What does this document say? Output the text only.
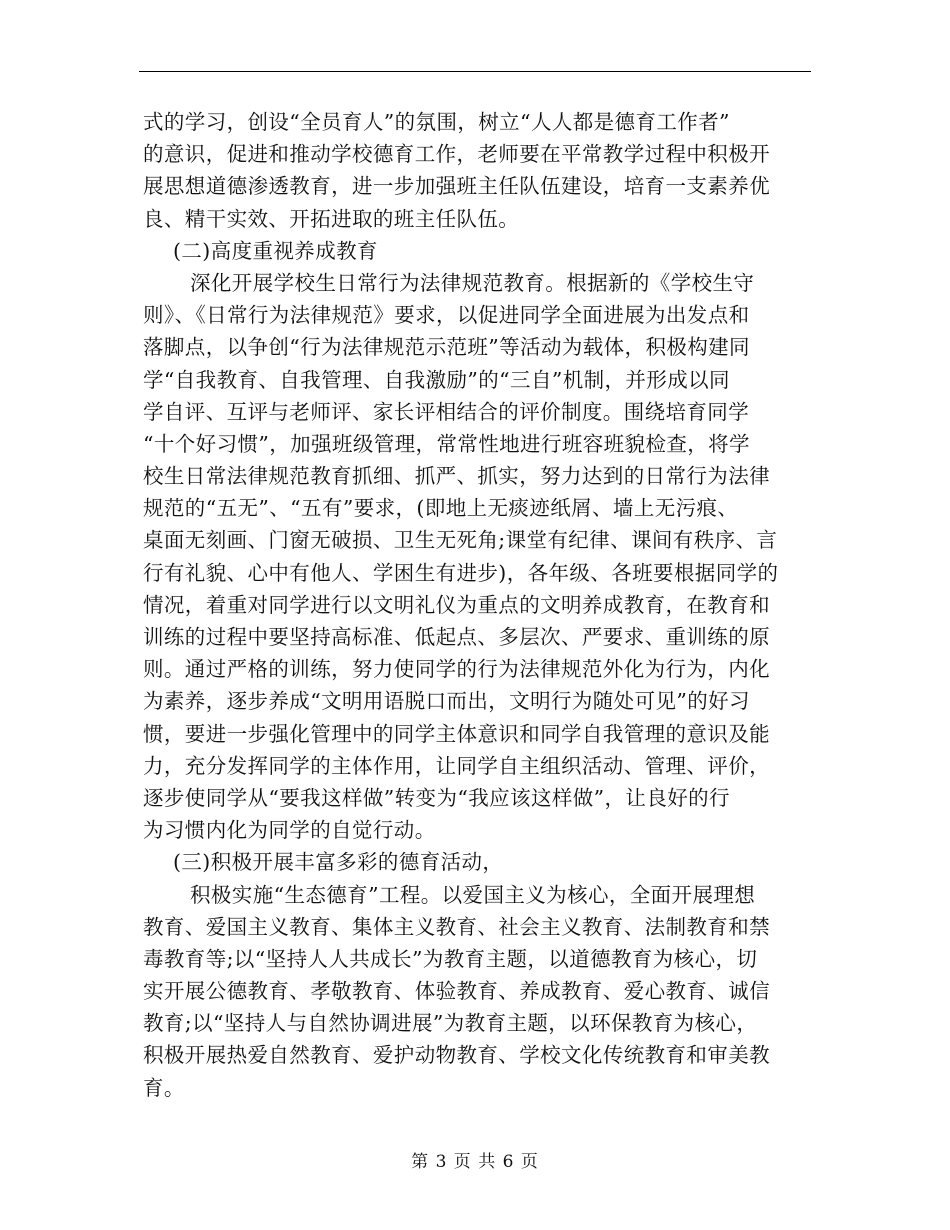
式的学习，创设“全员育人”的氛围，树立“人人都是德育工作者”
的意识，促进和推动学校德育工作，老师要在平常教学过程中积极开
展思想道德渗透教育，进一步加强班主任队伍建设，培育一支素养优
良、精干实效、开拓进取的班主任队伍。
(二)高度重视养成教育
深化开展学校生日常行为法律规范教育。根据新的《学校生守
则》、《日常行为法律规范》要求，以促进同学全面进展为出发点和
落脚点，以争创“行为法律规范示范班”等活动为载体，积极构建同
学“自我教育、自我管理、自我激励”的“三自”机制，并形成以同
学自评、互评与老师评、家长评相结合的评价制度。围绕培育同学
“十个好习惯”，加强班级管理，常常性地进行班容班貌检查，将学
校生日常法律规范教育抓细、抓严、抓实，努力达到的日常行为法律
规范的“五无”、“五有”要求，(即地上无痰迹纸屑、墙上无污痕、
桌面无刻画、门窗无破损、卫生无死角;课堂有纪律、课间有秩序、言
行有礼貌、心中有他人、学困生有进步)，各年级、各班要根据同学的
情况，着重对同学进行以文明礼仪为重点的文明养成教育，在教育和
训练的过程中要坚持高标准、低起点、多层次、严要求、重训练的原
则。通过严格的训练，努力使同学的行为法律规范外化为行为，内化
为素养，逐步养成“文明用语脱口而出，文明行为随处可见”的好习
惯，要进一步强化管理中的同学主体意识和同学自我管理的意识及能
力，充分发挥同学的主体作用，让同学自主组织活动、管理、评价，
逐步使同学从“要我这样做”转变为“我应该这样做”，让良好的行
为习惯内化为同学的自觉行动。
(三)积极开展丰富多彩的德育活动，
积极实施“生态德育”工程。以爱国主义为核心，全面开展理想
教育、爱国主义教育、集体主义教育、社会主义教育、法制教育和禁
毒教育等;以“坚持人人共成长”为教育主题，以道德教育为核心，切
实开展公德教育、孝敬教育、体验教育、养成教育、爱心教育、诚信
教育;以“坚持人与自然协调进展”为教育主题，以环保教育为核心，
积极开展热爱自然教育、爱护动物教育、学校文化传统教育和审美教
育。
第 3 页 共 6 页
